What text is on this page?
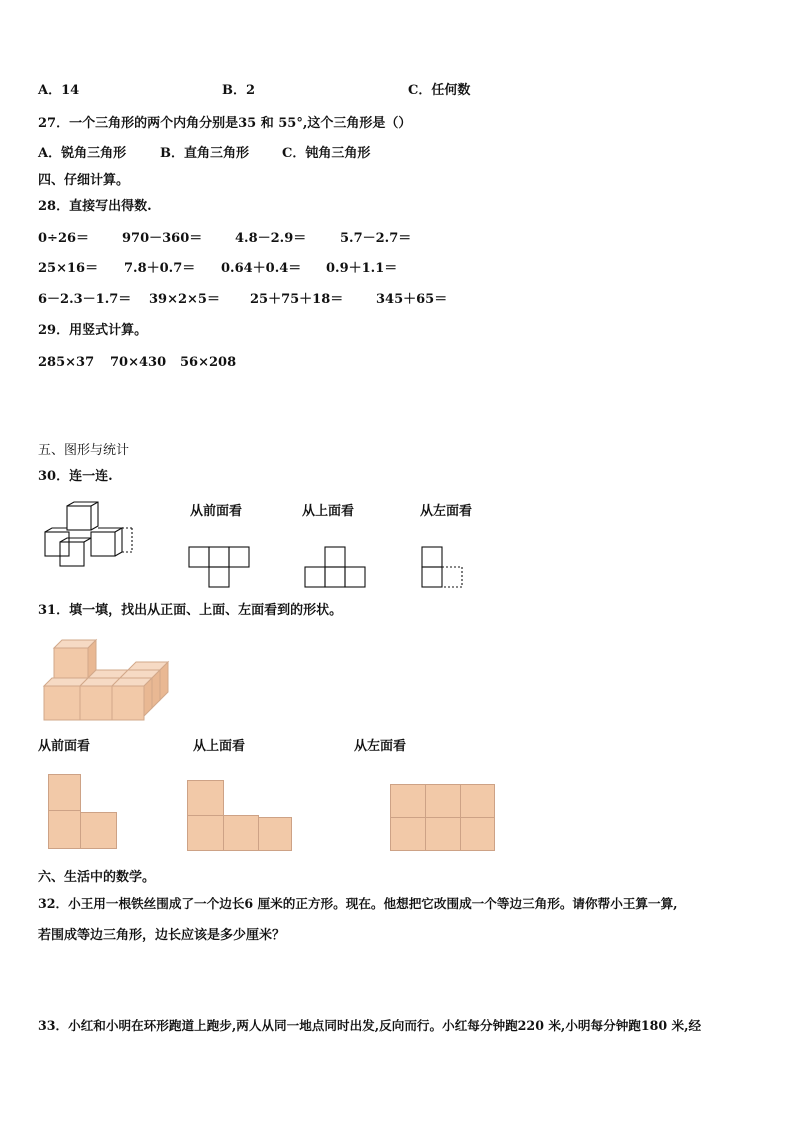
A．14	B．2	C．任何数
27．一个三角形的两个内角分别是35 和 55°,这个三角形是（）
A．锐角三角形	B．直角三角形	C．钝角三角形
四、仔细计算。
28．直接写出得数.
0÷26＝	970－360＝	4.8－2.9＝	5.7－2.7＝
25×16＝ 7.8＋0.7＝ 0.64＋0.4＝ 0.9＋1.1＝
6－2.3－1.7＝ 39×2×5＝ 25＋75＋18＝	345＋65＝
29．用竖式计算。
285×37 70×430 56×208
五、图形与统计
30．连一连.
从前面看	从上面看	从左面看
31．填一填，找出从正面、上面、左面看到的形状。
从前面看	从上面看	从左面看
六、生活中的数学。
32．小王用一根铁丝围成了一个边长6 厘米的正方形。现在。他想把它改围成一个等边三角形。请你帮小王算一算,
若围成等边三角形，边长应该是多少厘米？
33．小红和小明在环形跑道上跑步,两人从同一地点同时出发,反向而行。小红每分钟跑220 米,小明每分钟跑180 米,经
